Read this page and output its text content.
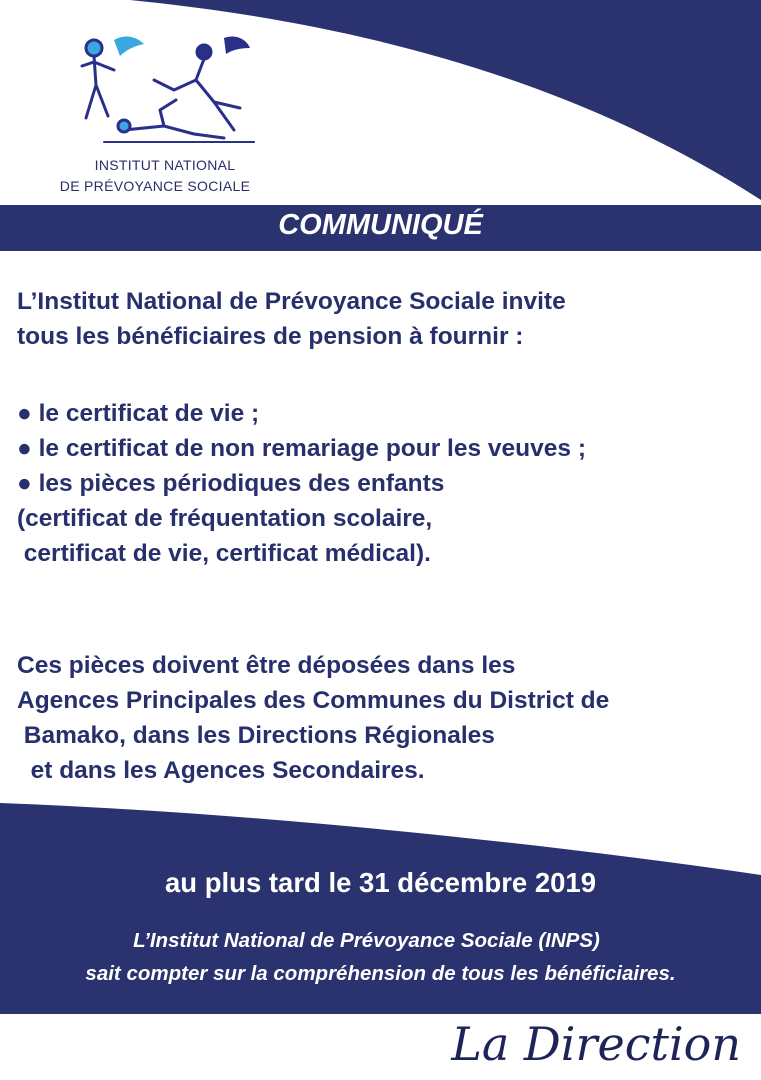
INSTITUT NATIONAL
DE PRÉVOYANCE SOCIALE
COMMUNIQUÉ
L’Institut National de Prévoyance Sociale invite
tous les bénéficiaires de pension à fournir :
● le certificat de vie ;
● le certificat de non remariage pour les veuves ;
● les pièces périodiques des enfants
(certificat de fréquentation scolaire,
certificat de vie, certificat médical).
Ces pièces doivent être déposées dans les
Agences Principales des Communes du District de
Bamako, dans les Directions Régionales
et dans les Agences Secondaires.
au plus tard le 31 décembre 2019
L’Institut National de Prévoyance Sociale (INPS)
sait compter sur la compréhension de tous les bénéficiaires.
La Direction
